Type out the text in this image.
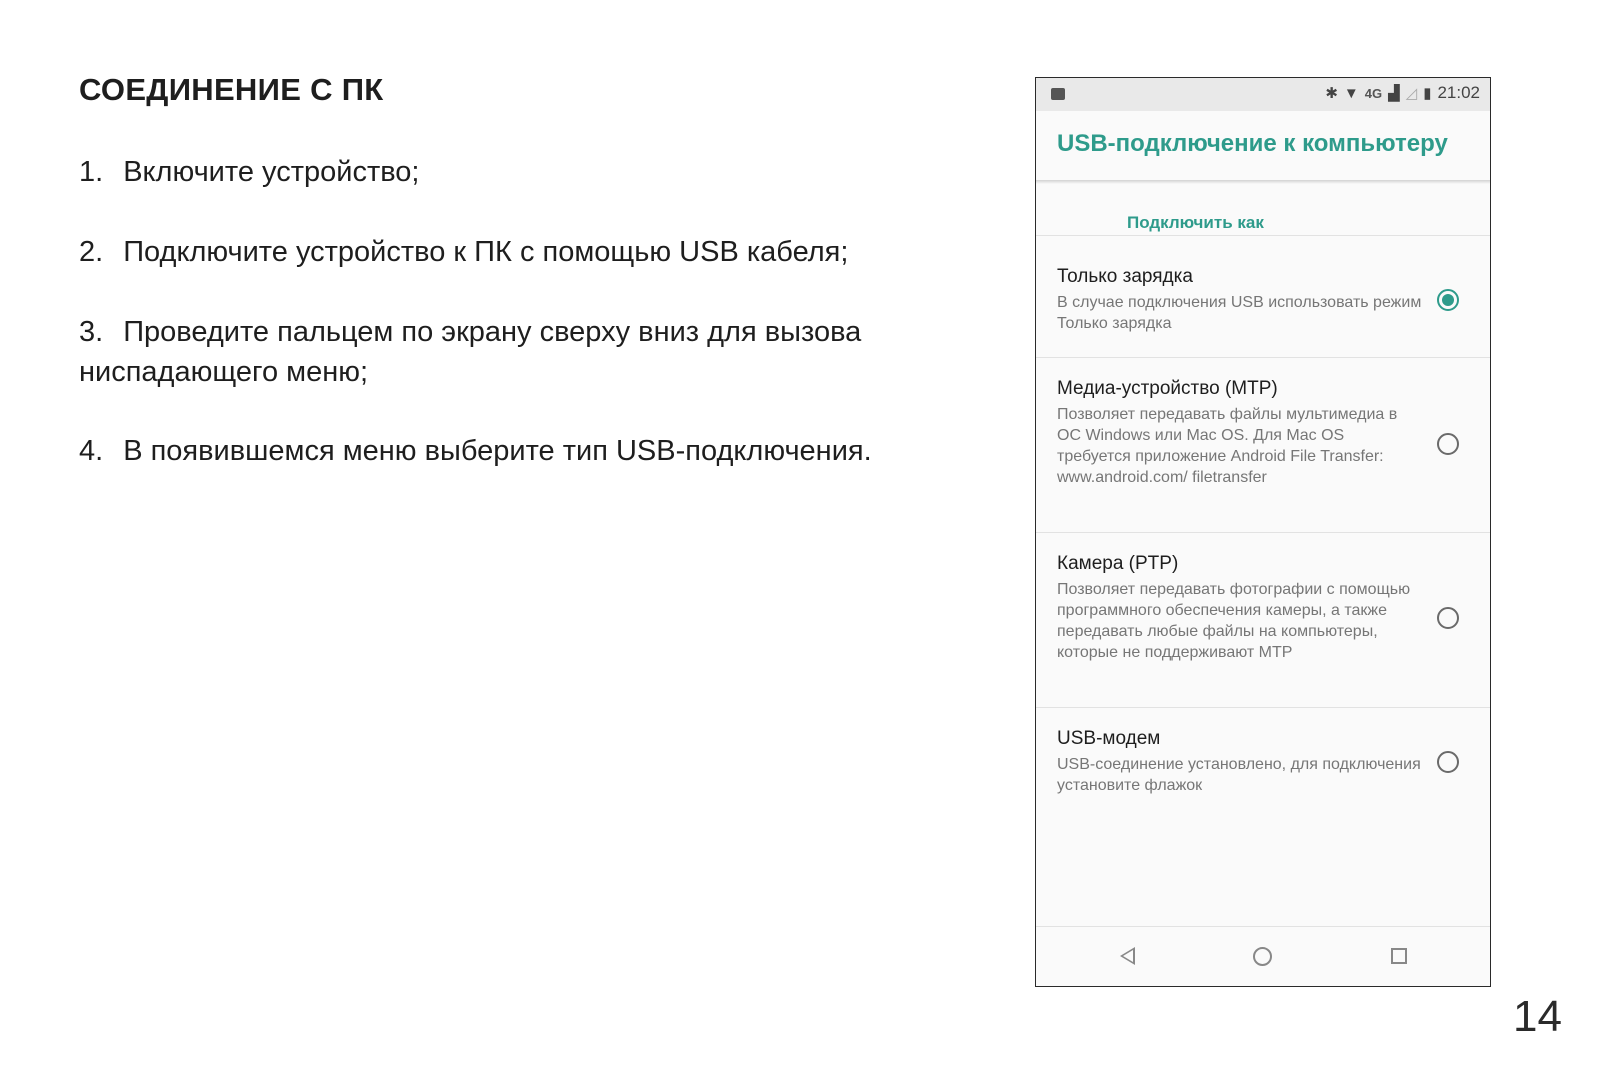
СОЕДИНЕНИЕ С ПК
1. Включите устройство;
2. Подключите устройство к ПК с помощью USB кабеля;
3. Проведите пальцем по экрану сверху вниз для вызова ниспадающего меню;
4. В появившемся меню выберите тип USB-подключения.
14
✱ ▼ 4G ▟ ◿ ▮ 21:02
USB-подключение к компьютеру
Подключить как
Только зарядка
В случае подключения USB использовать режим Только зарядка
Медиа-устройство (MTP)
Позволяет передавать файлы мультимедиа в ОС Windows или Mac OS. Для Mac OS требуется приложение Android File Transfer: www.android.com/ filetransfer
Камера (PTP)
Позволяет передавать фотографии с помощью программного обеспечения камеры, а также передавать любые файлы на компьютеры, которые не поддерживают MTP
USB-модем
USB-соединение установлено, для подключения установите флажок
